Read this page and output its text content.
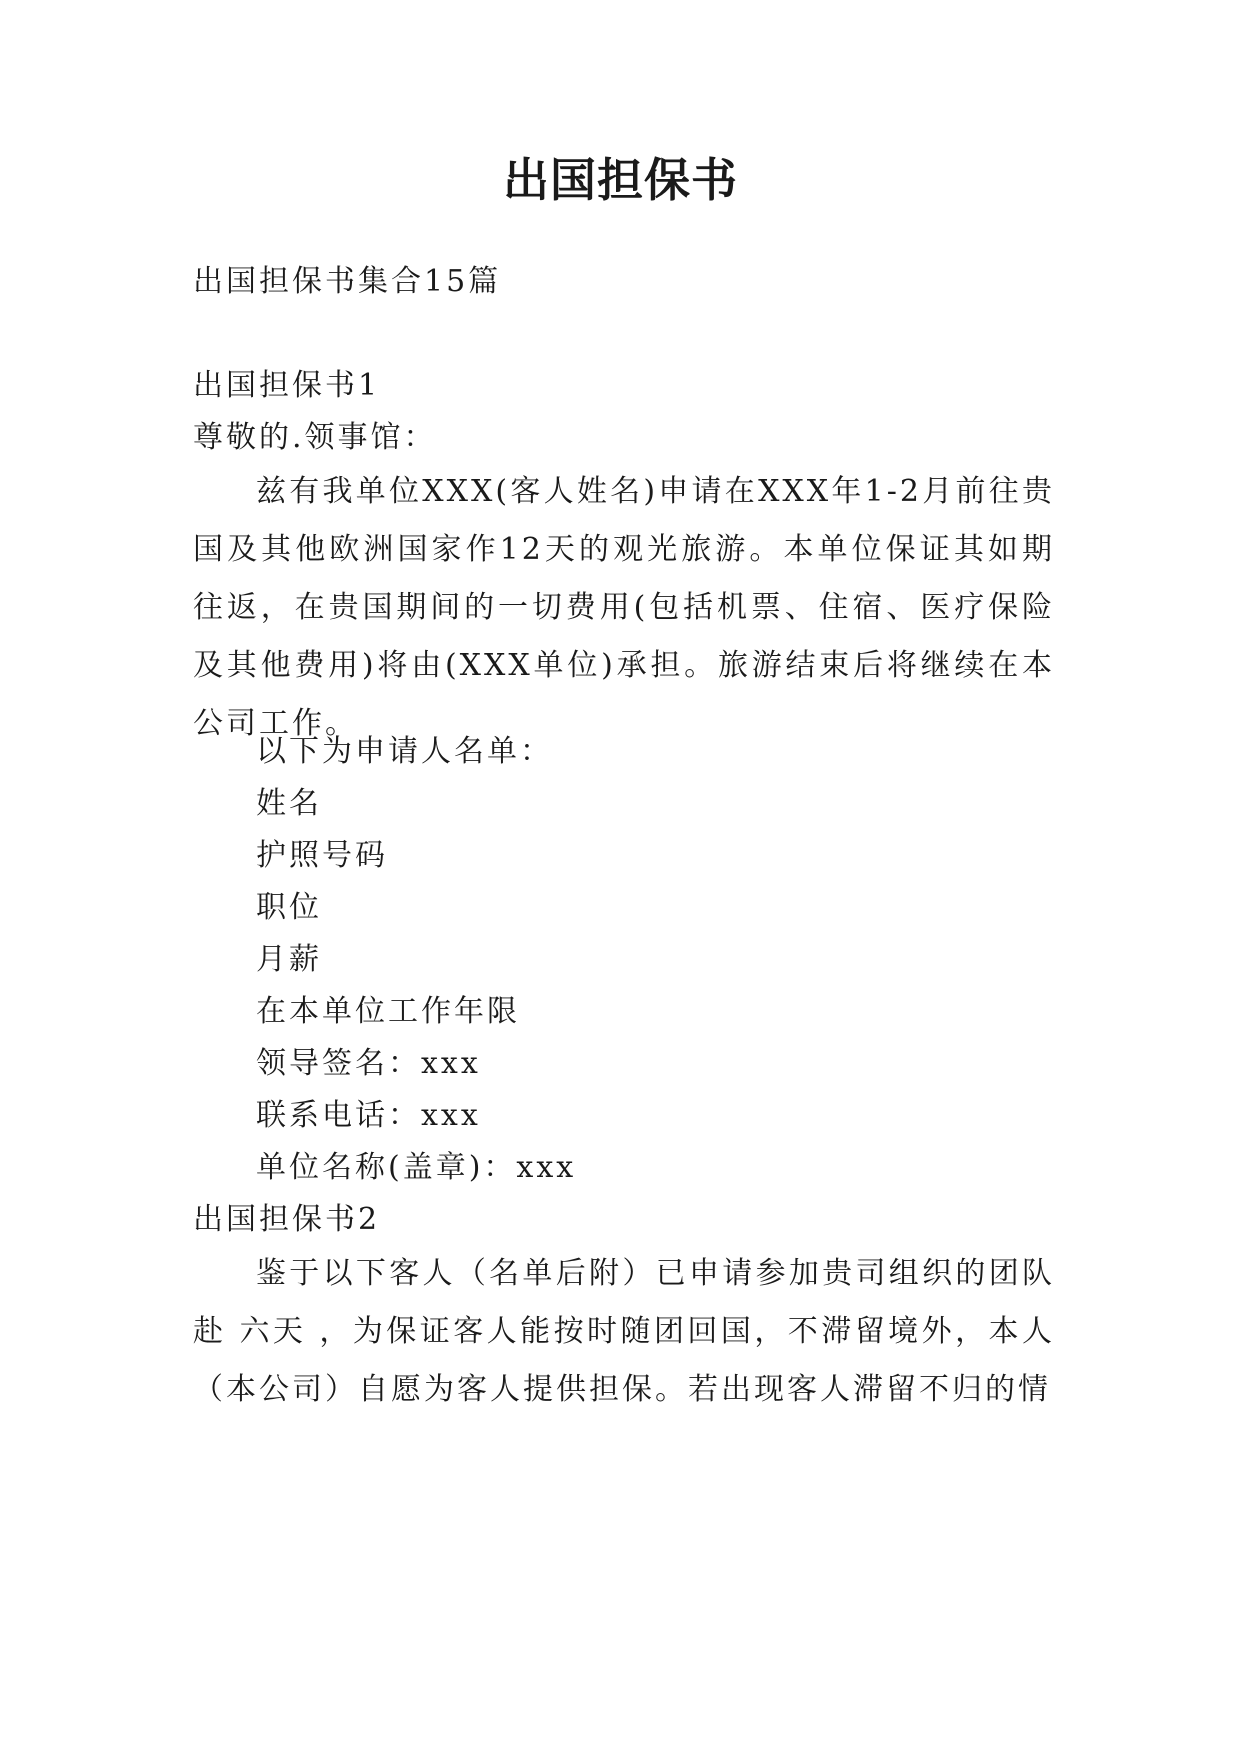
出国担保书
出国担保书集合15篇
出国担保书1
尊敬的.领事馆：
兹有我单位XXX(客人姓名)申请在XXX年1-2月前往贵国及其他欧洲国家作12天的观光旅游。本单位保证其如期往返，在贵国期间的一切费用(包括机票、住宿、医疗保险及其他费用)将由(XXX单位)承担。旅游结束后将继续在本公司工作。
以下为申请人名单：
姓名
护照号码
职位
月薪
在本单位工作年限
领导签名：xxx
联系电话：xxx
单位名称(盖章)：xxx
出国担保书2
鉴于以下客人（名单后附）已申请参加贵司组织的团队赴 六天 ，为保证客人能按时随团回国，不滞留境外，本人（本公司）自愿为客人提供担保。若出现客人滞留不归的情
